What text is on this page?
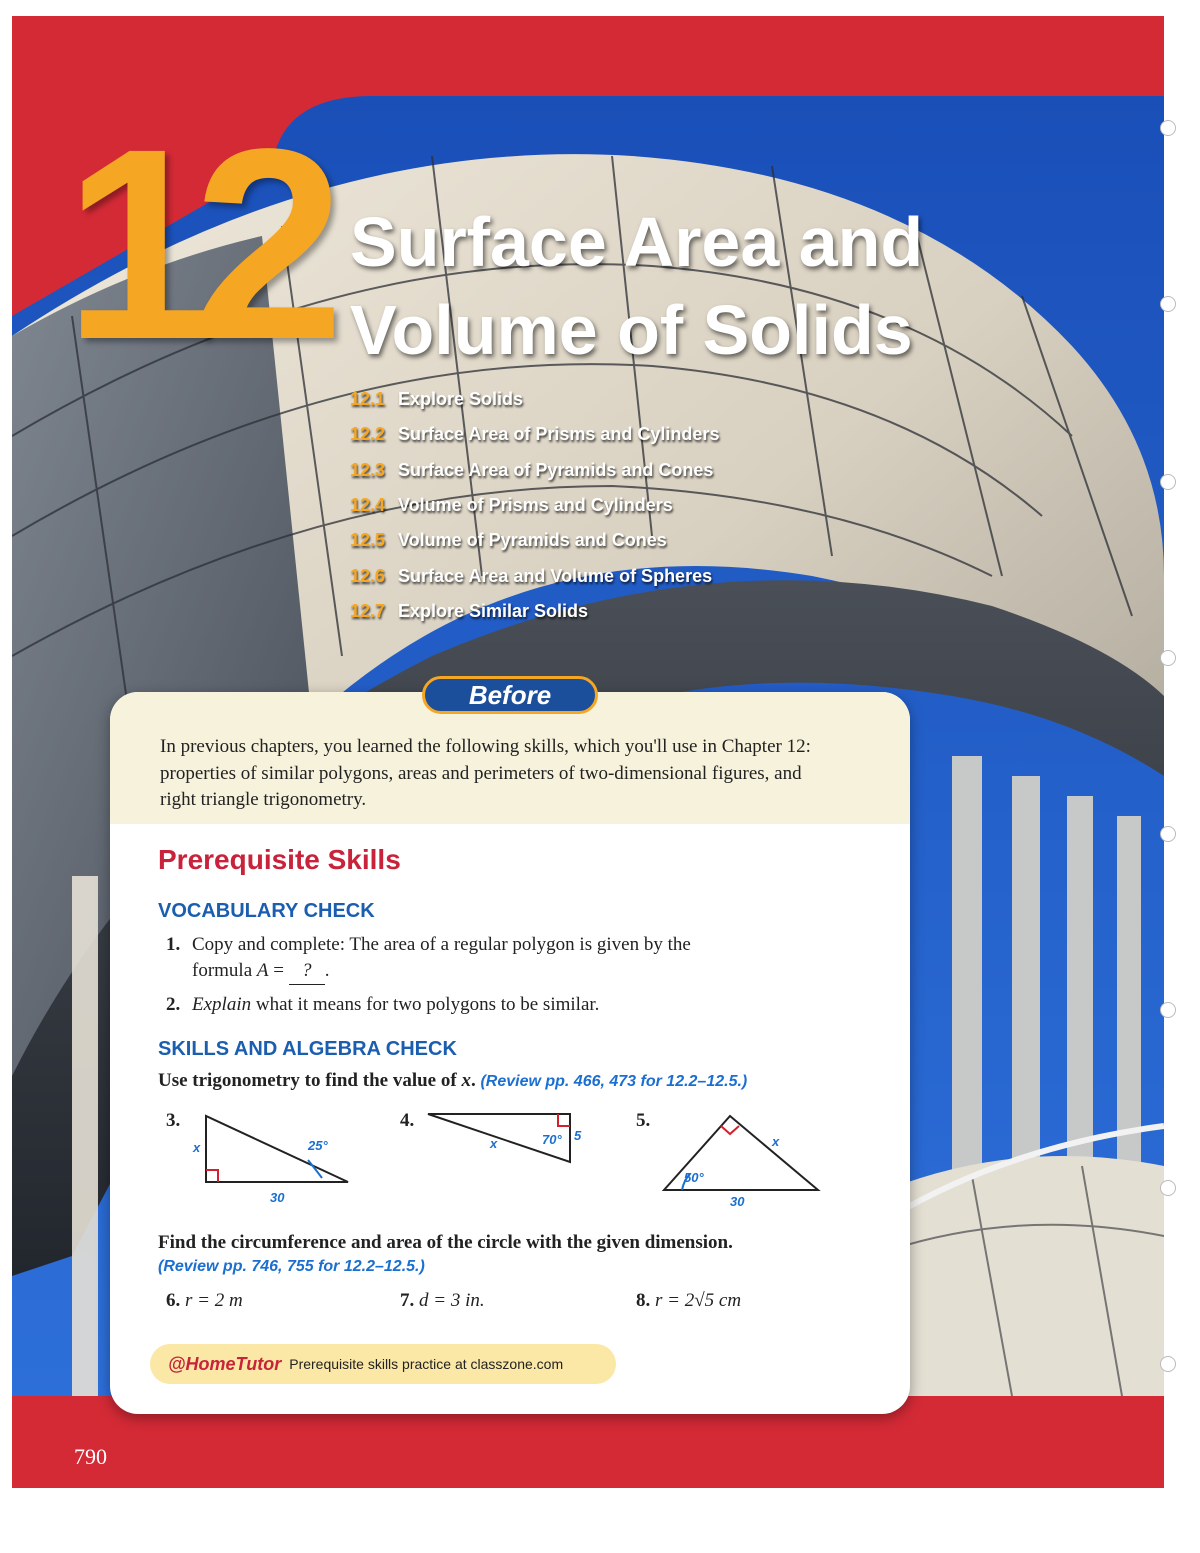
12 Surface Area and
Volume of Solids
12.1 Explore Solids
12.2 Surface Area of Prisms and Cylinders
12.3 Surface Area of Pyramids and Cones
12.4 Volume of Prisms and Cylinders
12.5 Volume of Pyramids and Cones
12.6 Surface Area and Volume of Spheres
12.7 Explore Similar Solids
790
Before

In previous chapters, you learned the following skills, which you'll use in Chapter 12: properties of similar polygons, areas and perimeters of two-dimensional figures, and right triangle trigonometry.

Prerequisite Skills
VOCABULARY CHECK
1. Copy and complete: The area of a regular polygon is given by the
formula A = ? .
2. Explain what it means for two polygons to be similar.
SKILLS AND ALGEBRA CHECK
Use trigonometry to find the value of x. (Review pp. 466, 473 for 12.2–12.5.)
3.
x	25°
30
4.
x	70° 5
5.
x
50°
30
Find the circumference and area of the circle with the given dimension.
(Review pp. 746, 755 for 12.2–12.5.)
6. r = 2 m	7. d = 3 in.	8. r = 2√5 cm
@HomeTutor Prerequisite skills practice at classzone.com
